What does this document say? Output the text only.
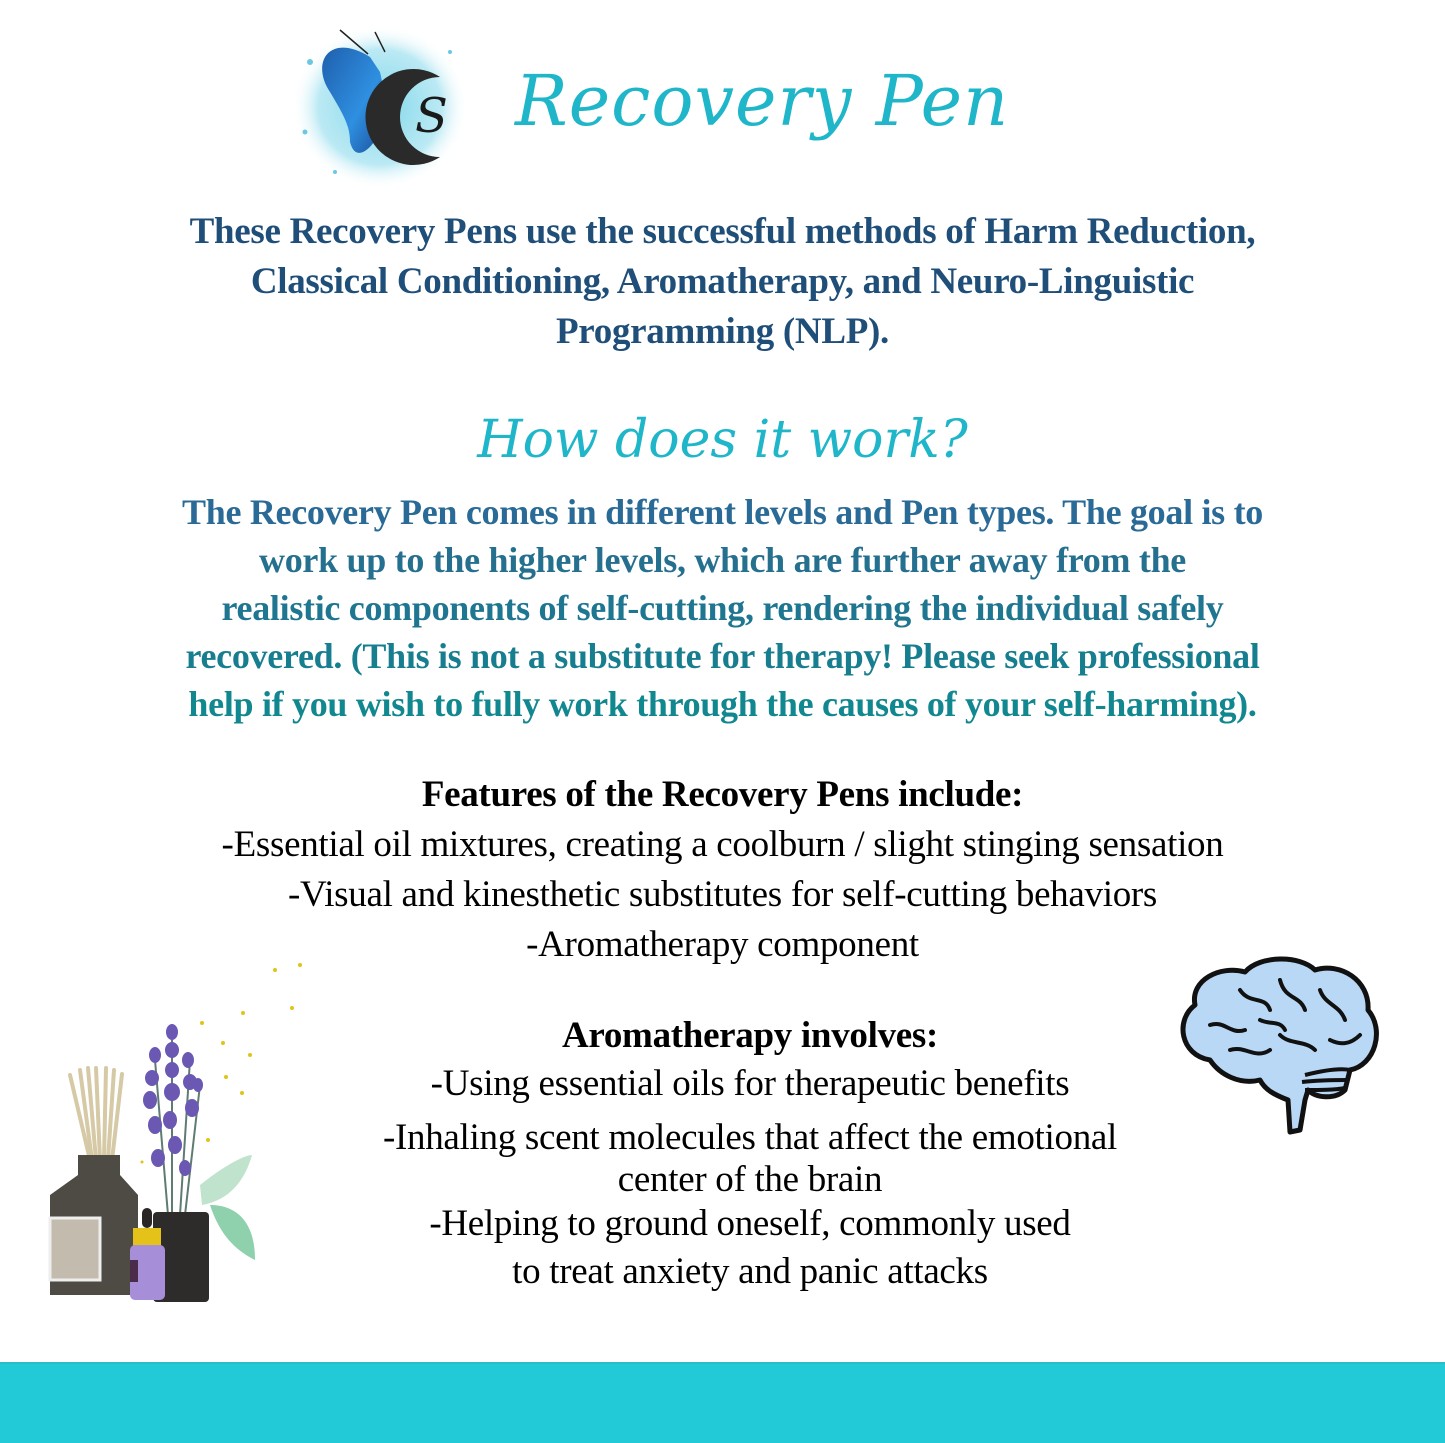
S Recovery Pen
These Recovery Pens use the successful methods of Harm Reduction,
Classical Conditioning, Aromatherapy, and Neuro-Linguistic
Programming (NLP).
How does it work?
The Recovery Pen comes in different levels and Pen types. The goal is to
work up to the higher levels, which are further away from the
realistic components of self-cutting, rendering the individual safely
recovered. (This is not a substitute for therapy! Please seek professional
help if you wish to fully work through the causes of your self-harming).
Features of the Recovery Pens include:
-Essential oil mixtures, creating a coolburn / slight stinging sensation
-Visual and kinesthetic substitutes for self-cutting behaviors
-Aromatherapy component
Aromatherapy involves:
-Using essential oils for therapeutic benefits
-Inhaling scent molecules that affect the emotional
center of the brain
-Helping to ground oneself, commonly used
to treat anxiety and panic attacks
